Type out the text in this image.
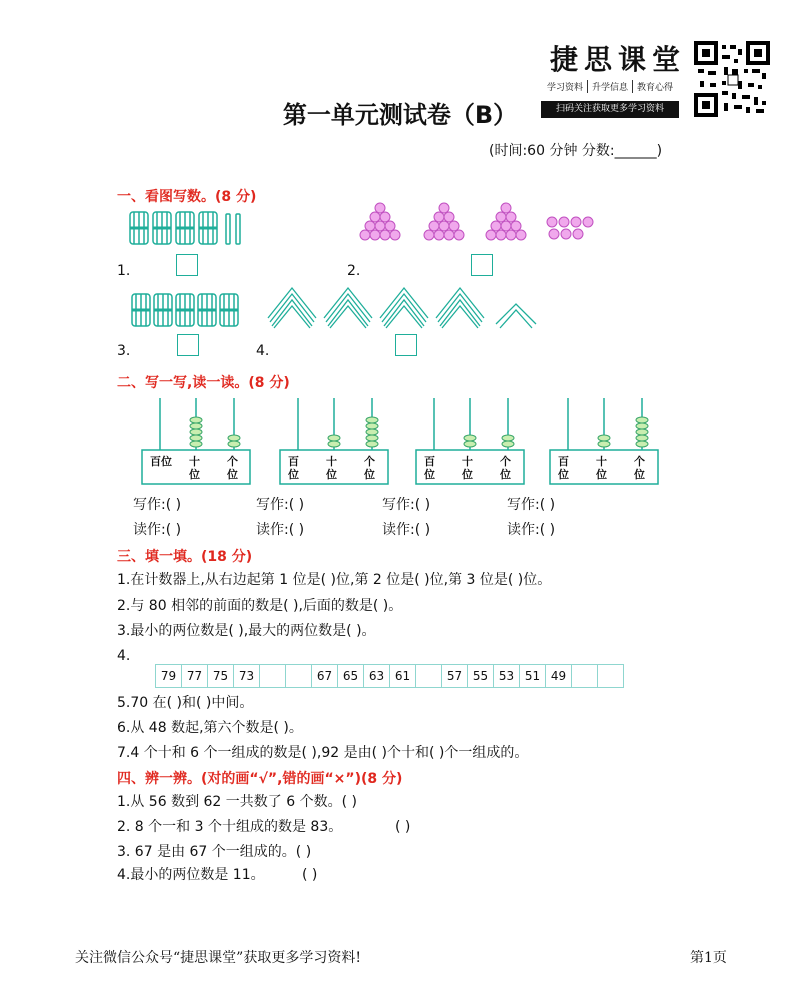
捷思课堂
学习资料	升学信息	教育心得
扫码关注获取更多学习资料
第一单元测试卷（B）
(时间:60 分钟 分数:______)
一、看图写数。(8 分)
1.	2.
3.	4.
二、写一写,读一读。(8 分)
百位 十位
个位
百位
十位
个位
百位
十位
个位
百位
十位
个位
写作:( )	写作:( )	写作:( )	写作:( )
读作:( )	读作:( )	读作:( )	读作:( )
三、填一填。(18 分)
1.在计数器上,从右边起第 1 位是( )位,第 2 位是( )位,第 3 位是( )位。
2.与 80 相邻的前面的数是( ),后面的数是( )。
3.最小的两位数是( ),最大的两位数是( )。
4.
79 77 75 73	67 65 63 61	57 55 53 51 49
5.70 在( )和( )中间。
6.从 48 数起,第六个数是( )。
7.4 个十和 6 个一组成的数是( ),92 是由( )个十和( )个一组成的。
四、辨一辨。(对的画“√”,错的画“×”)(8 分)
1.从 56 数到 62 一共数了 6 个数。( )
2. 8 个一和 3 个十组成的数是 83。	( )
3. 67 是由 67 个一组成的。( )
4.最小的两位数是 11。	( )
关注微信公众号“捷思课堂”获取更多学习资料!	第1页
